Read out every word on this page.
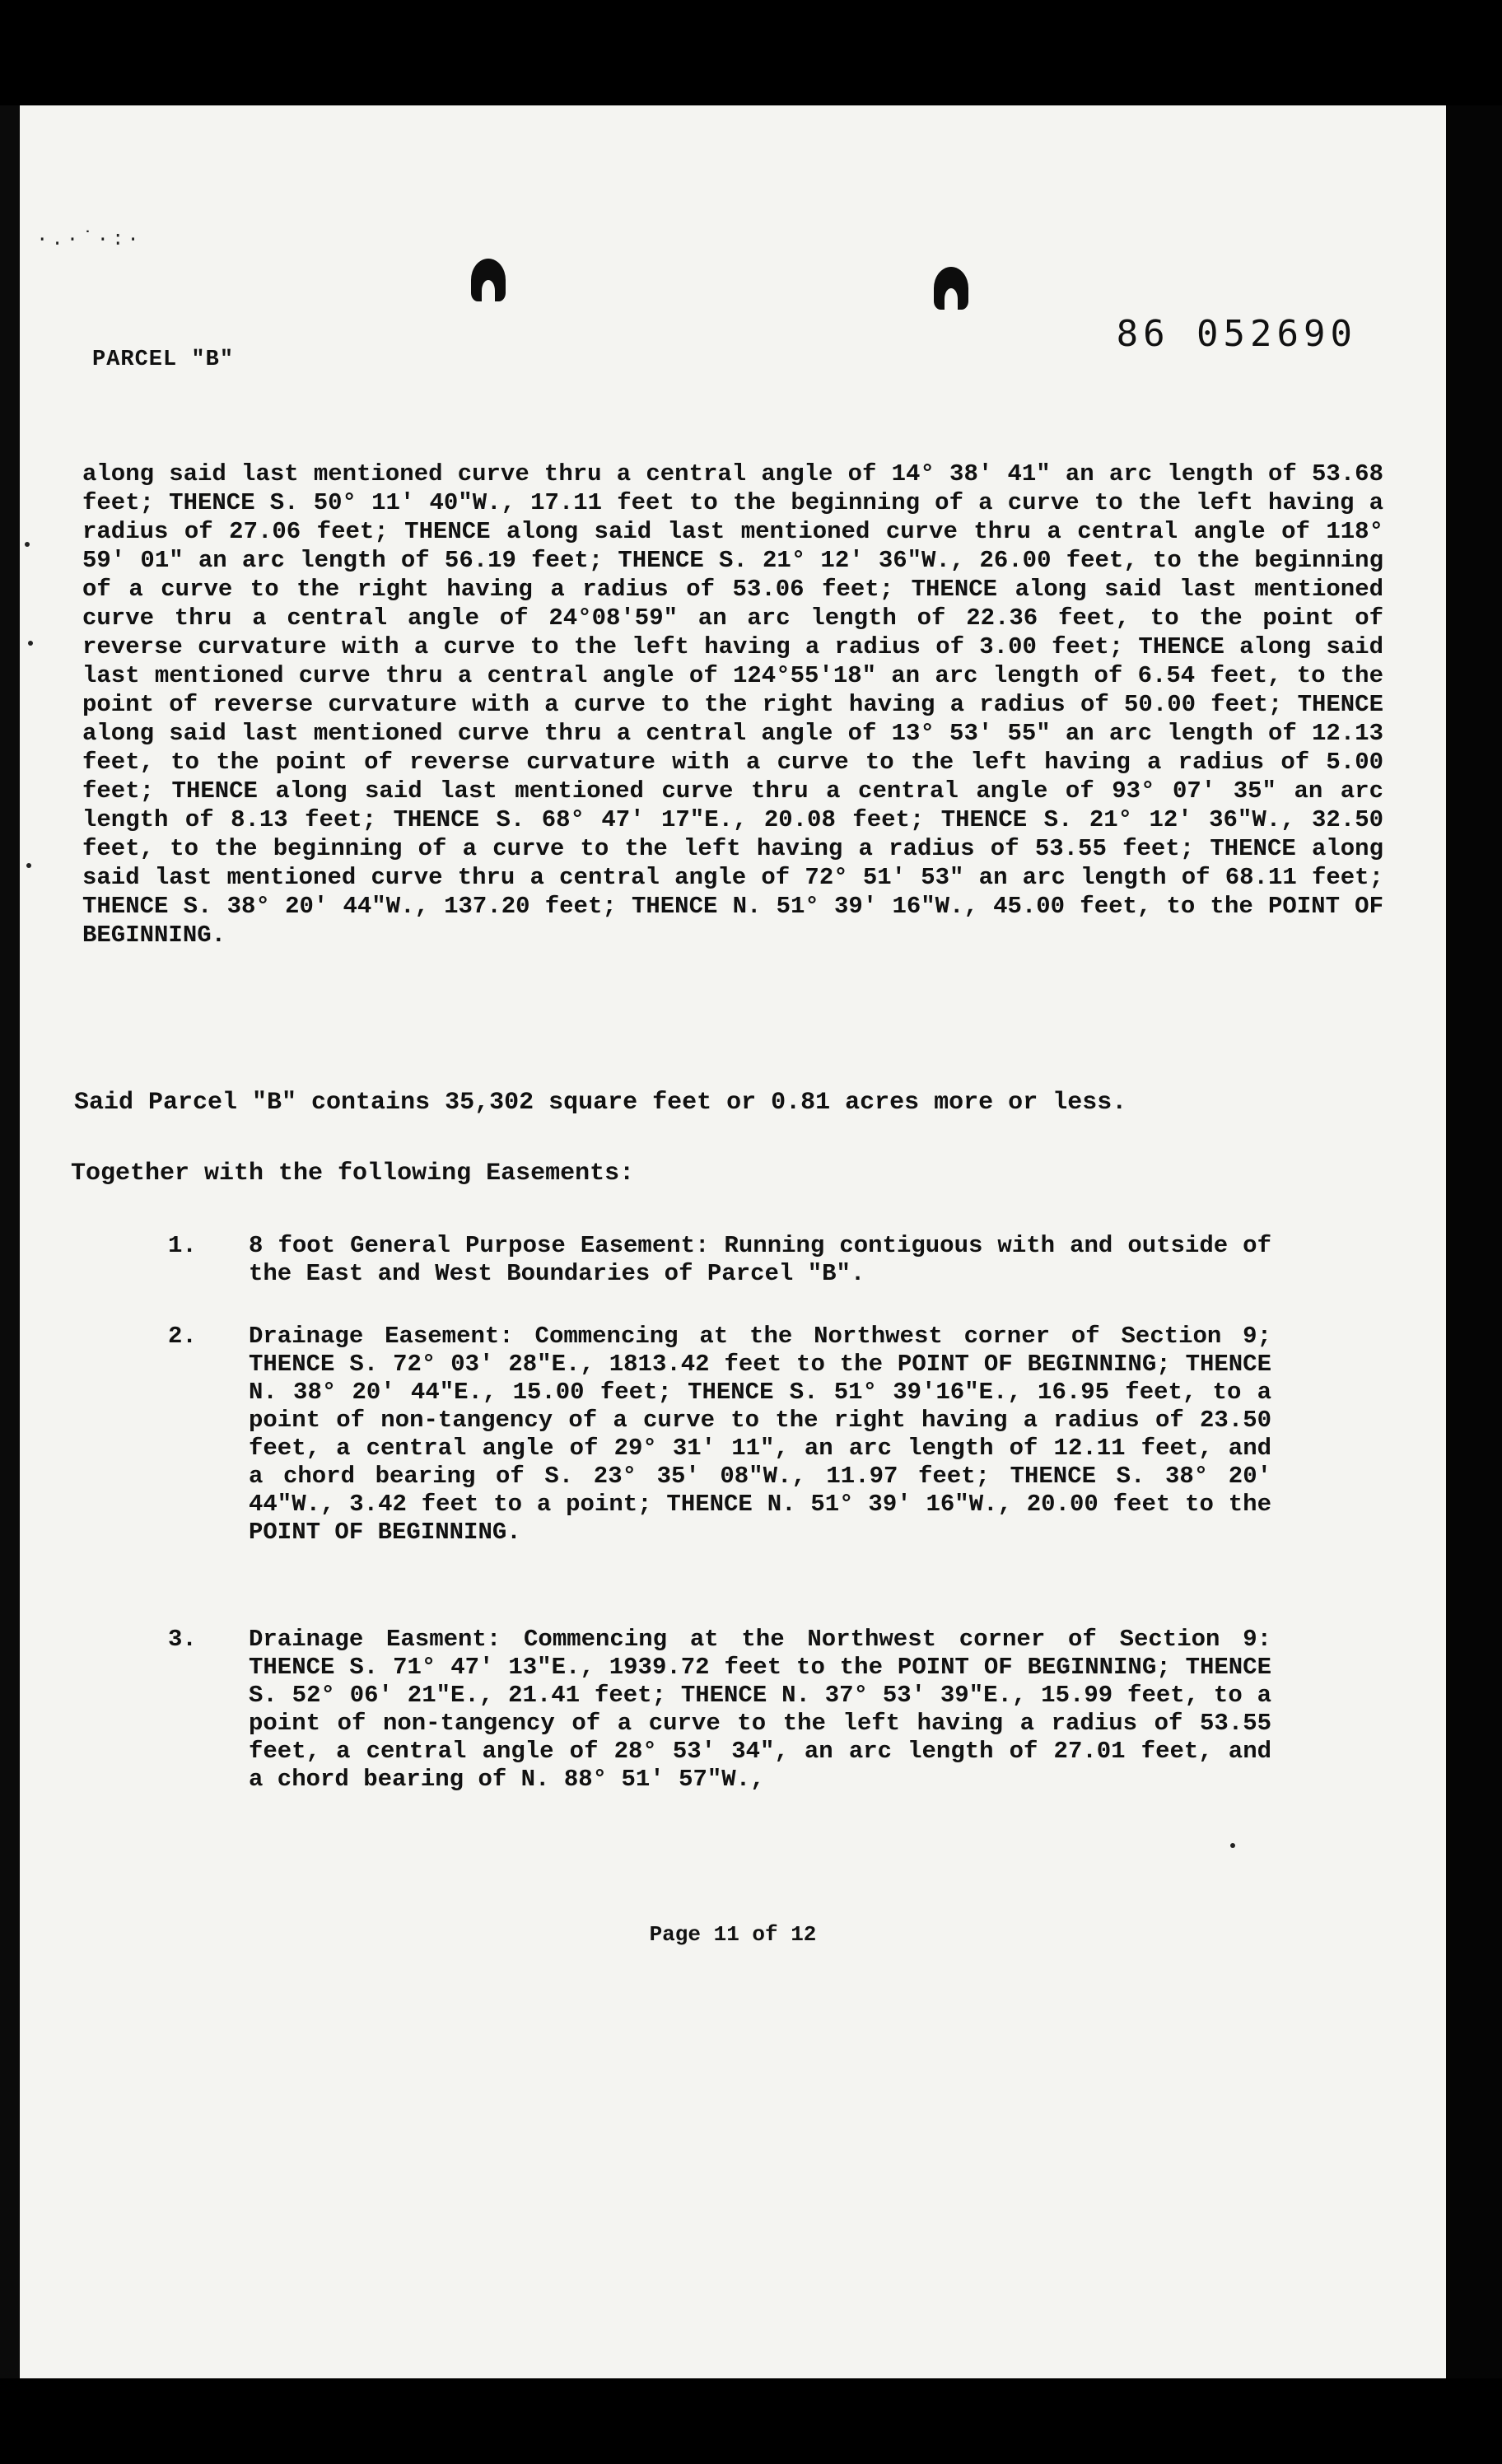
·.·˙·:·
86 052690
PARCEL "B"

along said last mentioned curve thru a central angle of 14° 38' 41" an arc length of 53.68 feet; THENCE S. 50° 11' 40"W., 17.11 feet to the beginning of a curve to the left having a radius of 27.06 feet; THENCE along said last mentioned curve thru a central angle of 118° 59' 01" an arc length of 56.19 feet; THENCE S. 21° 12' 36"W., 26.00 feet, to the beginning of a curve to the right having a radius of 53.06 feet; THENCE along said last mentioned curve thru a central angle of 24°08'59" an arc length of 22.36 feet, to the point of reverse curvature with a curve to the left having a radius of 3.00 feet; THENCE along said last mentioned curve thru a central angle of 124°55'18" an arc length of 6.54 feet, to the point of reverse curvature with a curve to the right having a radius of 50.00 feet; THENCE along said last mentioned curve thru a central angle of 13° 53' 55" an arc length of 12.13 feet, to the point of reverse curvature with a curve to the left having a radius of 5.00 feet; THENCE along said last mentioned curve thru a central angle of 93° 07' 35" an arc length of 8.13 feet; THENCE S. 68° 47' 17"E., 20.08 feet; THENCE S. 21° 12' 36"W., 32.50 feet, to the beginning of a curve to the left having a radius of 53.55 feet; THENCE along said last mentioned curve thru a central angle of 72° 51' 53" an arc length of 68.11 feet; THENCE S. 38° 20' 44"W., 137.20 feet; THENCE N. 51° 39' 16"W., 45.00 feet, to the POINT OF BEGINNING.

Said Parcel "B" contains 35,302 square feet or 0.81 acres more or less.

Together with the following Easements:

1.	8 foot General Purpose Easement: Running contiguous with and outside of the East and West Boundaries of Parcel "B".
2.	Drainage Easement: Commencing at the Northwest corner of Section 9; THENCE S. 72° 03' 28"E., 1813.42 feet to the POINT OF BEGINNING; THENCE N. 38° 20' 44"E., 15.00 feet; THENCE S. 51° 39'16"E., 16.95 feet, to a point of non-tangency of a curve to the right having a radius of 23.50 feet, a central angle of 29° 31' 11", an arc length of 12.11 feet, and a chord bearing of S. 23° 35' 08"W., 11.97 feet; THENCE S. 38° 20' 44"W., 3.42 feet to a point; THENCE N. 51° 39' 16"W., 20.00 feet to the POINT OF BEGINNING.
3.	Drainage Easment: Commencing at the Northwest corner of Section 9: THENCE S. 71° 47' 13"E., 1939.72 feet to the POINT OF BEGINNING; THENCE S. 52° 06' 21"E., 21.41 feet; THENCE N. 37° 53' 39"E., 15.99 feet, to a point of non-tangency of a curve to the left having a radius of 53.55 feet, a central angle of 28° 53' 34", an arc length of 27.01 feet, and a chord bearing of N. 88° 51' 57"W.,
Page 11 of 12
